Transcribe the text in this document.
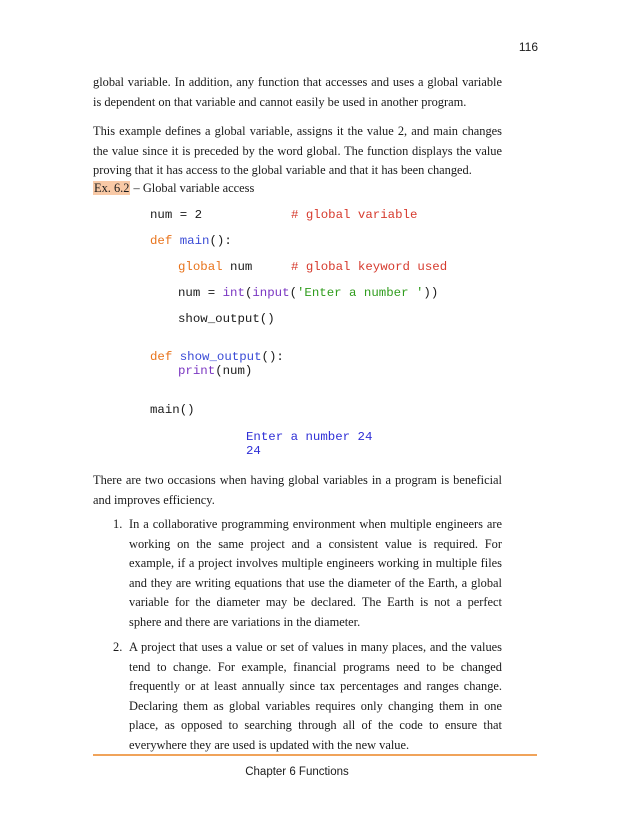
116

global variable. In addition, any function that accesses and uses a global variable is dependent on that variable and cannot easily be used in another program.

This example defines a global variable, assigns it the value 2, and main changes the value since it is preceded by the word global. The function displays the value proving that it has access to the global variable and that it has been changed.

Ex. 6.2 – Global variable access
num = 2	# global variable
def main():
global num	# global keyword used
num = int(input('Enter a number '))
show_output()
def show_output():
print(num)
main()
Enter a number 24
24

There are two occasions when having global variables in a program is beneficial and improves efficiency.

1. In a collaborative programming environment when multiple engineers are working on the same project and a consistent value is required. For example, if a project involves multiple engineers working in multiple files and they are writing equations that use the diameter of the Earth, a global variable for the diameter may be declared. The Earth is not a perfect sphere and there are variations in the diameter.
2. A project that uses a value or set of values in many places, and the values tend to change. For example, financial programs need to be changed frequently or at least annually since tax percentages and ranges change. Declaring them as global variables requires only changing them in one place, as opposed to searching through all of the code to ensure that everywhere they are used is updated with the new value.
Chapter 6 Functions
